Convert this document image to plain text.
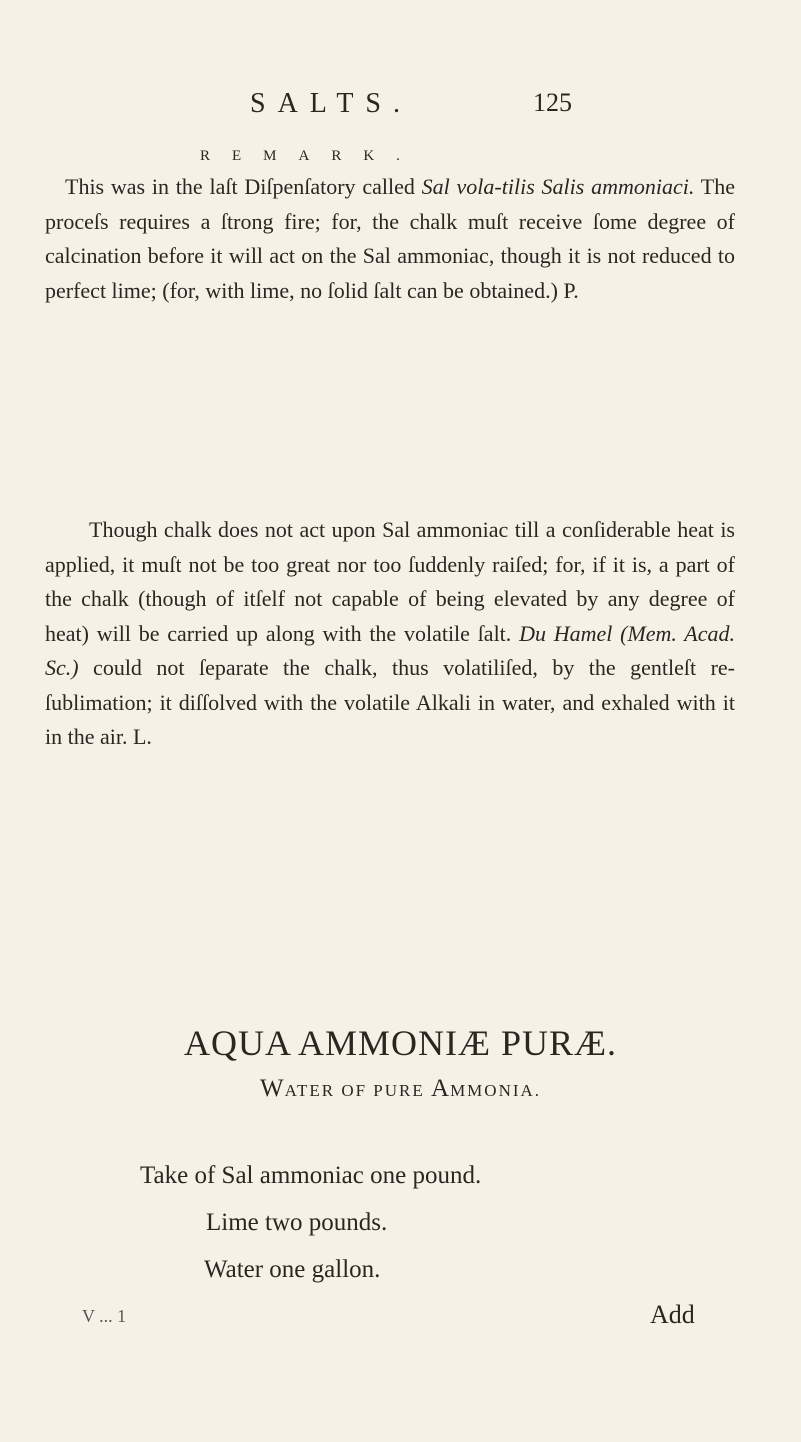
SALTS.	125
REMARK.

This was in the laſt Diſpenſatory called Sal vola-tilis Salis ammoniaci. The proceſs requires a ſtrong fire; for, the chalk muſt receive ſome degree of calcination before it will act on the Sal ammoniac, though it is not reduced to perfect lime; (for, with lime, no ſolid ſalt can be obtained.) P.

Though chalk does not act upon Sal ammoniac till a conſiderable heat is applied, it muſt not be too great nor too ſuddenly raiſed; for, if it is, a part of the chalk (though of itſelf not capable of being elevated by any degree of heat) will be carried up along with the volatile ſalt. Du Hamel (Mem. Acad. Sc.) could not ſeparate the chalk, thus volatiliſed, by the gentleſt re-ſublimation; it diſſolved with the volatile Alkali in water, and exhaled with it in the air. L.

AQUA AMMONIÆ PURÆ.
WATER OF PURE AMMONIA.
Take of Sal ammoniac one pound.
Lime two pounds.
Water one gallon.
V ... 1	Add
